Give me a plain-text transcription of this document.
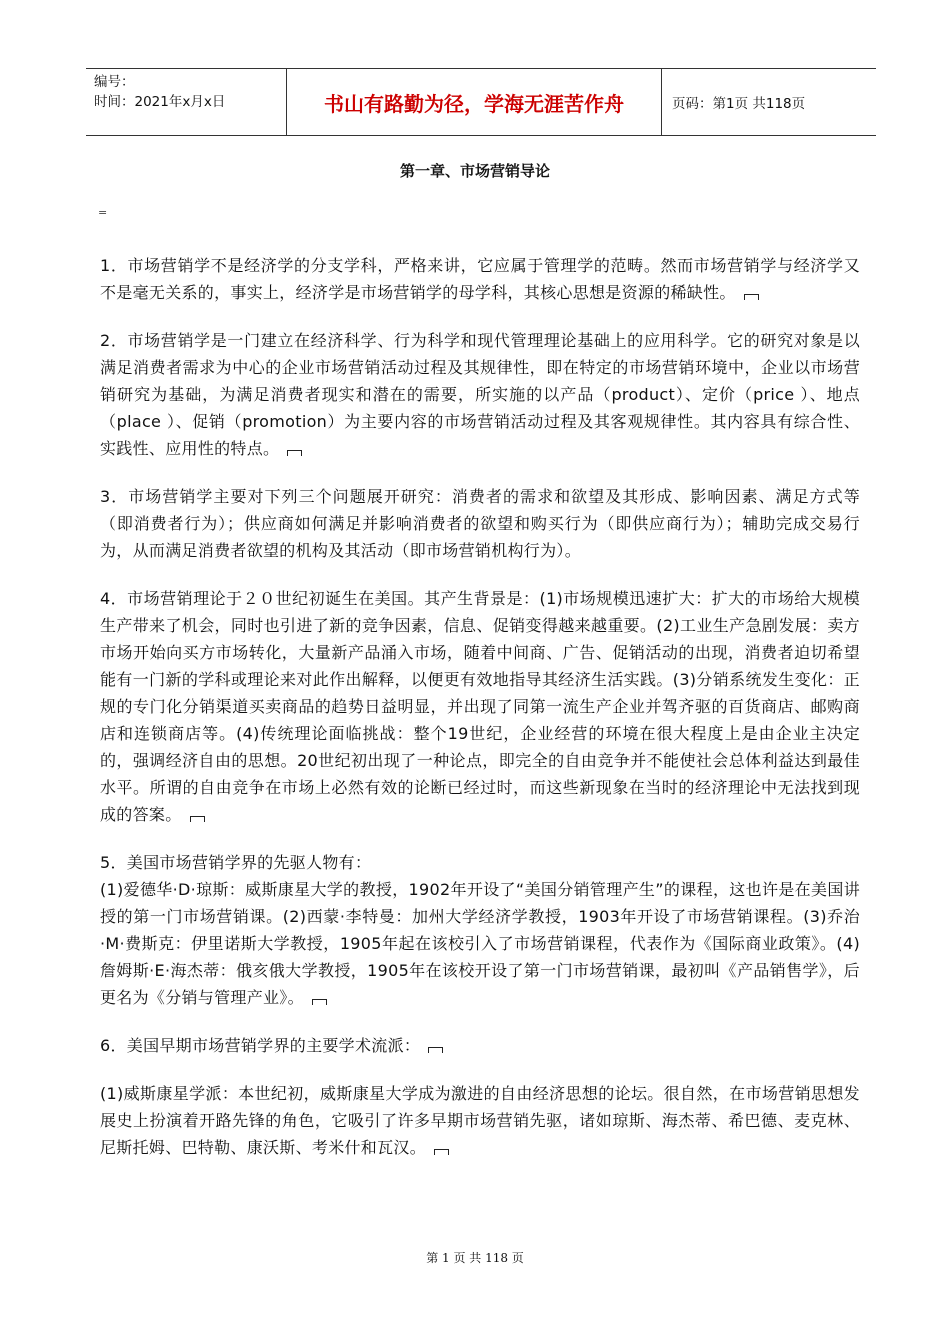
编号：
时间：2021年x月x日	书山有路勤为径，学海无涯苦作舟	页码：第1页 共118页
第一章、市场营销导论
=

1．市场营销学不是经济学的分支学科，严格来讲，它应属于管理学的范畴。然而市场营销学与经济学又不是毫无关系的，事实上，经济学是市场营销学的母学科，其核心思想是资源的稀缺性。

2．市场营销学是一门建立在经济科学、行为科学和现代管理理论基础上的应用科学。它的研究对象是以满足消费者需求为中心的企业市场营销活动过程及其规律性，即在特定的市场营销环境中，企业以市场营销研究为基础，为满足消费者现实和潜在的需要，所实施的以产品（product）、定价（price ）、地点（place ）、促销（promotion）为主要内容的市场营销活动过程及其客观规律性。其内容具有综合性、实践性、应用性的特点。

3．市场营销学主要对下列三个问题展开研究：消费者的需求和欲望及其形成、影响因素、满足方式等（即消费者行为）；供应商如何满足并影响消费者的欲望和购买行为（即供应商行为）；辅助完成交易行为，从而满足消费者欲望的机构及其活动（即市场营销机构行为）。

4．市场营销理论于２０世纪初诞生在美国。其产生背景是：(1)市场规模迅速扩大：扩大的市场给大规模生产带来了机会，同时也引进了新的竞争因素，信息、促销变得越来越重要。(2)工业生产急剧发展：卖方市场开始向买方市场转化，大量新产品涌入市场，随着中间商、广告、促销活动的出现，消费者迫切希望能有一门新的学科或理论来对此作出解释，以便更有效地指导其经济生活实践。(3)分销系统发生变化：正规的专门化分销渠道买卖商品的趋势日益明显，并出现了同第一流生产企业并驾齐驱的百货商店、邮购商店和连锁商店等。(4)传统理论面临挑战：整个19世纪，企业经营的环境在很大程度上是由企业主决定的，强调经济自由的思想。20世纪初出现了一种论点，即完全的自由竞争并不能使社会总体利益达到最佳水平。所谓的自由竞争在市场上必然有效的论断已经过时，而这些新现象在当时的经济理论中无法找到现成的答案。

5．美国市场营销学界的先驱人物有：
(1)爱德华·D·琼斯：威斯康星大学的教授，1902年开设了“美国分销管理产生”的课程，这也许是在美国讲授的第一门市场营销课。(2)西蒙·李特曼：加州大学经济学教授，1903年开设了市场营销课程。(3)乔治·M·费斯克：伊里诺斯大学教授，1905年起在该校引入了市场营销课程，代表作为《国际商业政策》。(4)詹姆斯·E·海杰蒂：俄亥俄大学教授，1905年在该校开设了第一门市场营销课，最初叫《产品销售学》，后更名为《分销与管理产业》。

6．美国早期市场营销学界的主要学术流派：

(1)威斯康星学派：本世纪初，威斯康星大学成为激进的自由经济思想的论坛。很自然，在市场营销思想发展史上扮演着开路先锋的角色，它吸引了许多早期市场营销先驱，诸如琼斯、海杰蒂、希巴德、麦克林、尼斯托姆、巴特勒、康沃斯、考米什和瓦汉。

第 1 页 共 118 页
